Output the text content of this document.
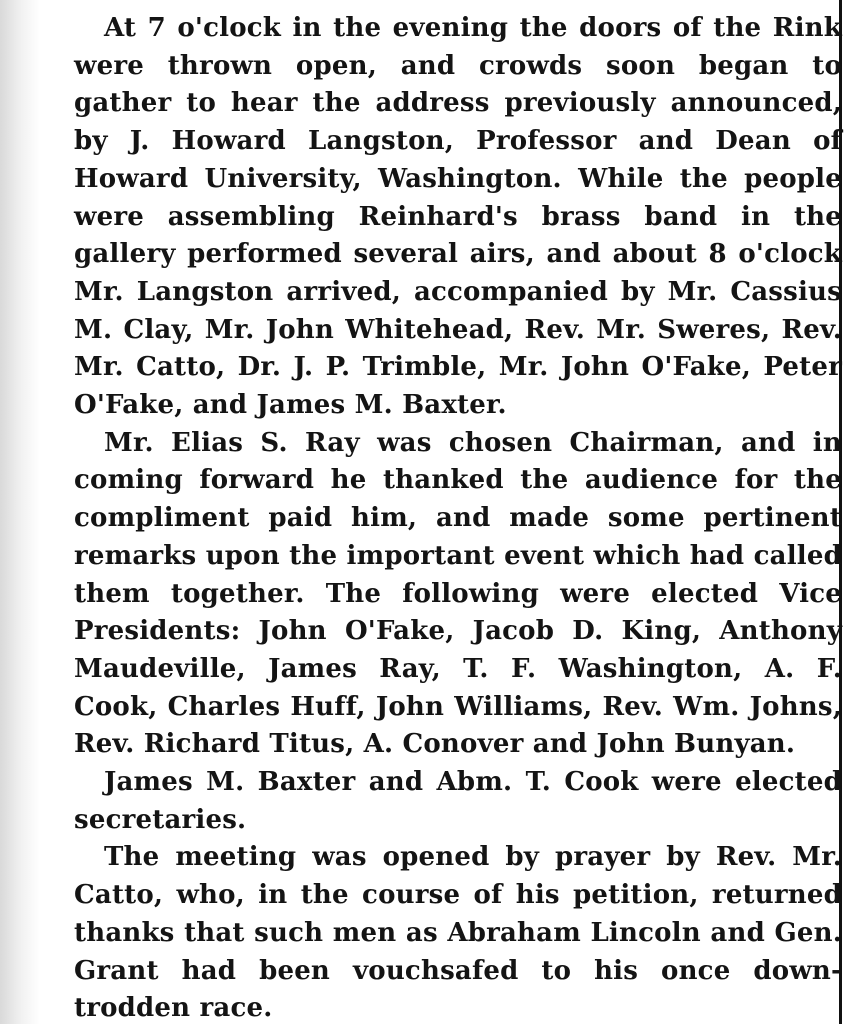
At 7 o'clock in the evening the doors of the Rink were thrown open, and crowds soon began to gather to hear the address previously announced, by J. Howard Langston, Professor and Dean of Howard University, Washington. While the people were assembling Reinhard's brass band in the gallery performed several airs, and about 8 o'clock Mr. Langston arrived, accompanied by Mr. Cassius M. Clay, Mr. John Whitehead, Rev. Mr. Sweres, Rev. Mr. Catto, Dr. J. P. Trimble, Mr. John O'Fake, Peter O'Fake, and James M. Baxter.

Mr. Elias S. Ray was chosen Chairman, and in coming forward he thanked the audience for the compliment paid him, and made some pertinent remarks upon the important event which had called them together. The following were elected Vice Presidents: John O'Fake, Jacob D. King, Anthony Maudeville, James Ray, T. F. Washington, A. F. Cook, Charles Huff, John Williams, Rev. Wm. Johns, Rev. Richard Titus, A. Conover and John Bunyan.

James M. Baxter and Abm. T. Cook were elected secretaries.

The meeting was opened by prayer by Rev. Mr. Catto, who, in the course of his petition, returned thanks that such men as Abraham Lincoln and Gen. Grant had been vouchsafed to his once down-trodden race.
